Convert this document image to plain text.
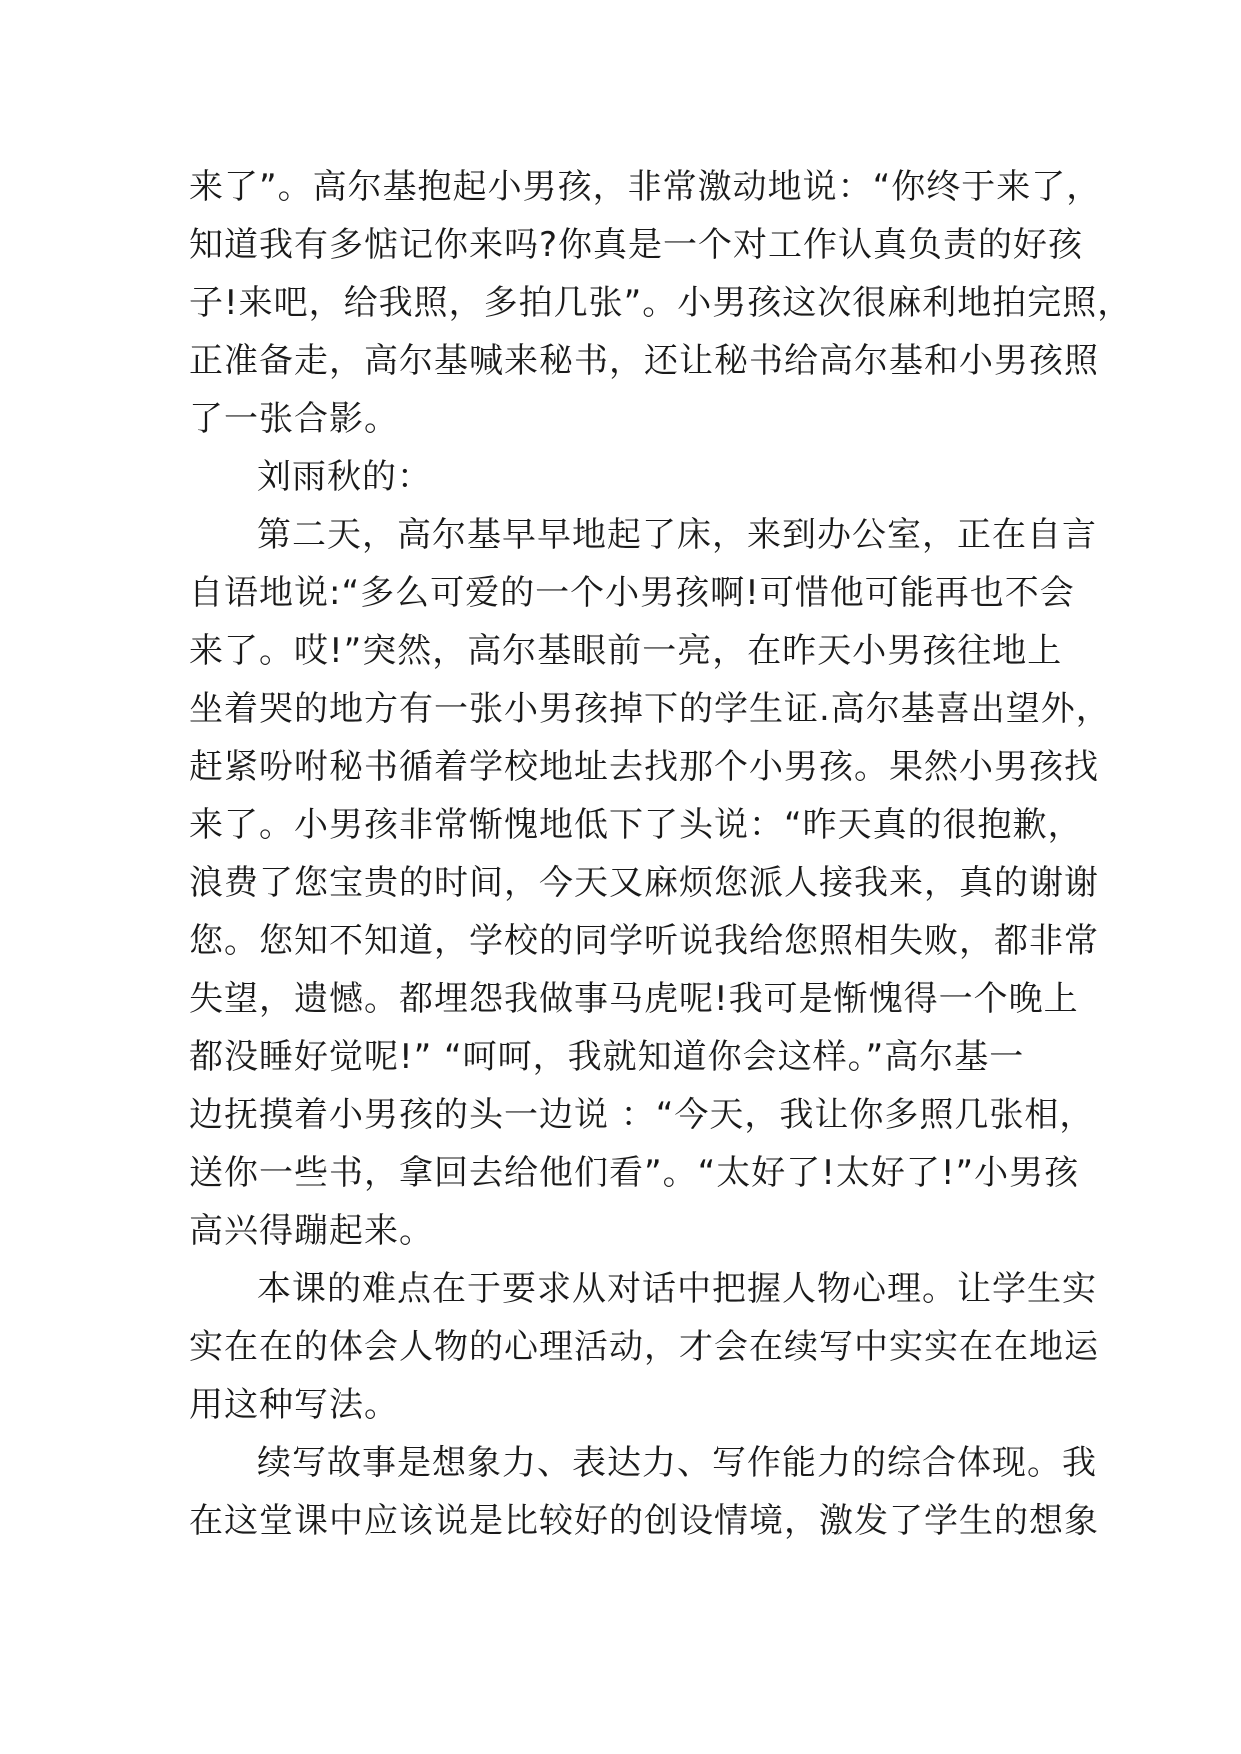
来了”。高尔基抱起小男孩，非常激动地说：“你终于来了，
知道我有多惦记你来吗?你真是一个对工作认真负责的好孩
子!来吧，给我照，多拍几张”。小男孩这次很麻利地拍完照，
正准备走，高尔基喊来秘书，还让秘书给高尔基和小男孩照
了一张合影。
刘雨秋的：
第二天，高尔基早早地起了床，来到办公室，正在自言
自语地说:“多么可爱的一个小男孩啊!可惜他可能再也不会
来了。哎!”突然，高尔基眼前一亮，在昨天小男孩往地上
坐着哭的地方有一张小男孩掉下的学生证.高尔基喜出望外，
赶紧吩咐秘书循着学校地址去找那个小男孩。果然小男孩找
来了。小男孩非常惭愧地低下了头说：“昨天真的很抱歉，
浪费了您宝贵的时间，今天又麻烦您派人接我来，真的谢谢
您。您知不知道，学校的同学听说我给您照相失败，都非常
失望，遗憾。都埋怨我做事马虎呢!我可是惭愧得一个晚上
都没睡好觉呢!” “呵呵，我就知道你会这样。”高尔基一
边抚摸着小男孩的头一边说 ：“今天，我让你多照几张相，
送你一些书，拿回去给他们看”。“太好了!太好了!”小男孩
高兴得蹦起来。
本课的难点在于要求从对话中把握人物心理。让学生实
实在在的体会人物的心理活动，才会在续写中实实在在地运
用这种写法。
续写故事是想象力、表达力、写作能力的综合体现。我
在这堂课中应该说是比较好的创设情境，激发了学生的想象
